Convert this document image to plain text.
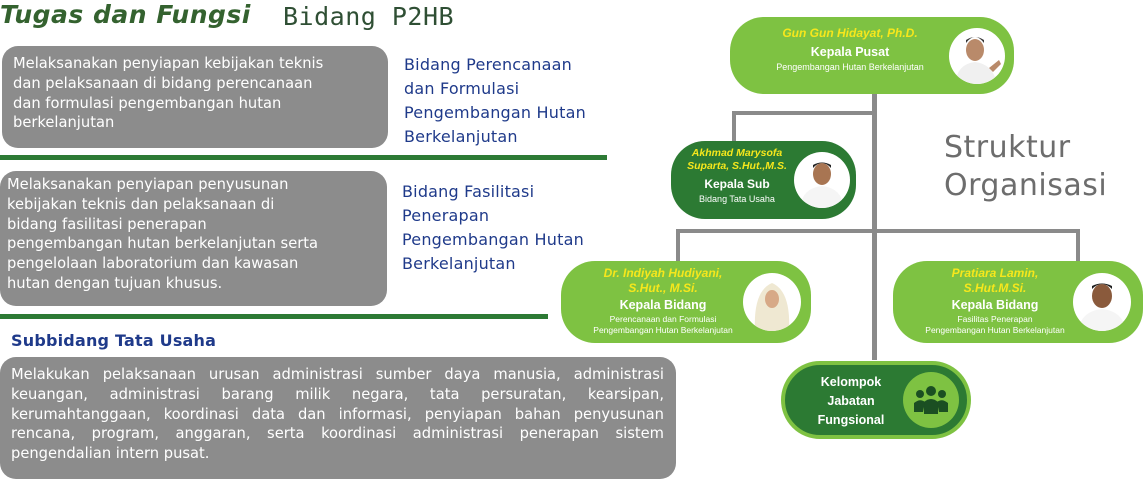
Tugas dan Fungsi Bidang P2HB
Melaksanakan penyiapan kebijakan teknis
dan pelaksanaan di bidang perencanaan
dan formulasi pengembangan hutan
berkelanjutan
Bidang Perencanaan
dan Formulasi
Pengembangan Hutan
Berkelanjutan
Melaksanakan penyiapan penyusunan
kebijakan teknis dan pelaksanaan di
bidang fasilitasi penerapan
pengembangan hutan berkelanjutan serta
pengelolaan laboratorium dan kawasan
hutan dengan tujuan khusus.
Bidang Fasilitasi
Penerapan
Pengembangan Hutan
Berkelanjutan
Subbidang Tata Usaha
Melakukan pelaksanaan urusan administrasi sumber daya manusia, administrasi keuangan, administrasi barang milik negara, tata persuratan, kearsipan, kerumahtanggaan, koordinasi data dan informasi, penyiapan bahan penyusunan rencana, program, anggaran, serta koordinasi administrasi penerapan sistem pengendalian intern pusat.
Struktur
Organisasi
Gun Gun Hidayat, Ph.D.
Kepala Pusat
Pengembangan Hutan Berkelanjutan
Akhmad Marysofa
Suparta, S.Hut.,M.S.
Kepala Sub
Bidang Tata Usaha
Dr. Indiyah Hudiyani,
S.Hut., M.Si.
Kepala Bidang
Perencanaan dan Formulasi
Pengembangan Hutan Berkelanjutan
Pratiara Lamin,
S.Hut.M.Si.
Kepala Bidang
Fasilitas Penerapan
Pengembangan Hutan Berkelanjutan
Kelompok
Jabatan
Fungsional
